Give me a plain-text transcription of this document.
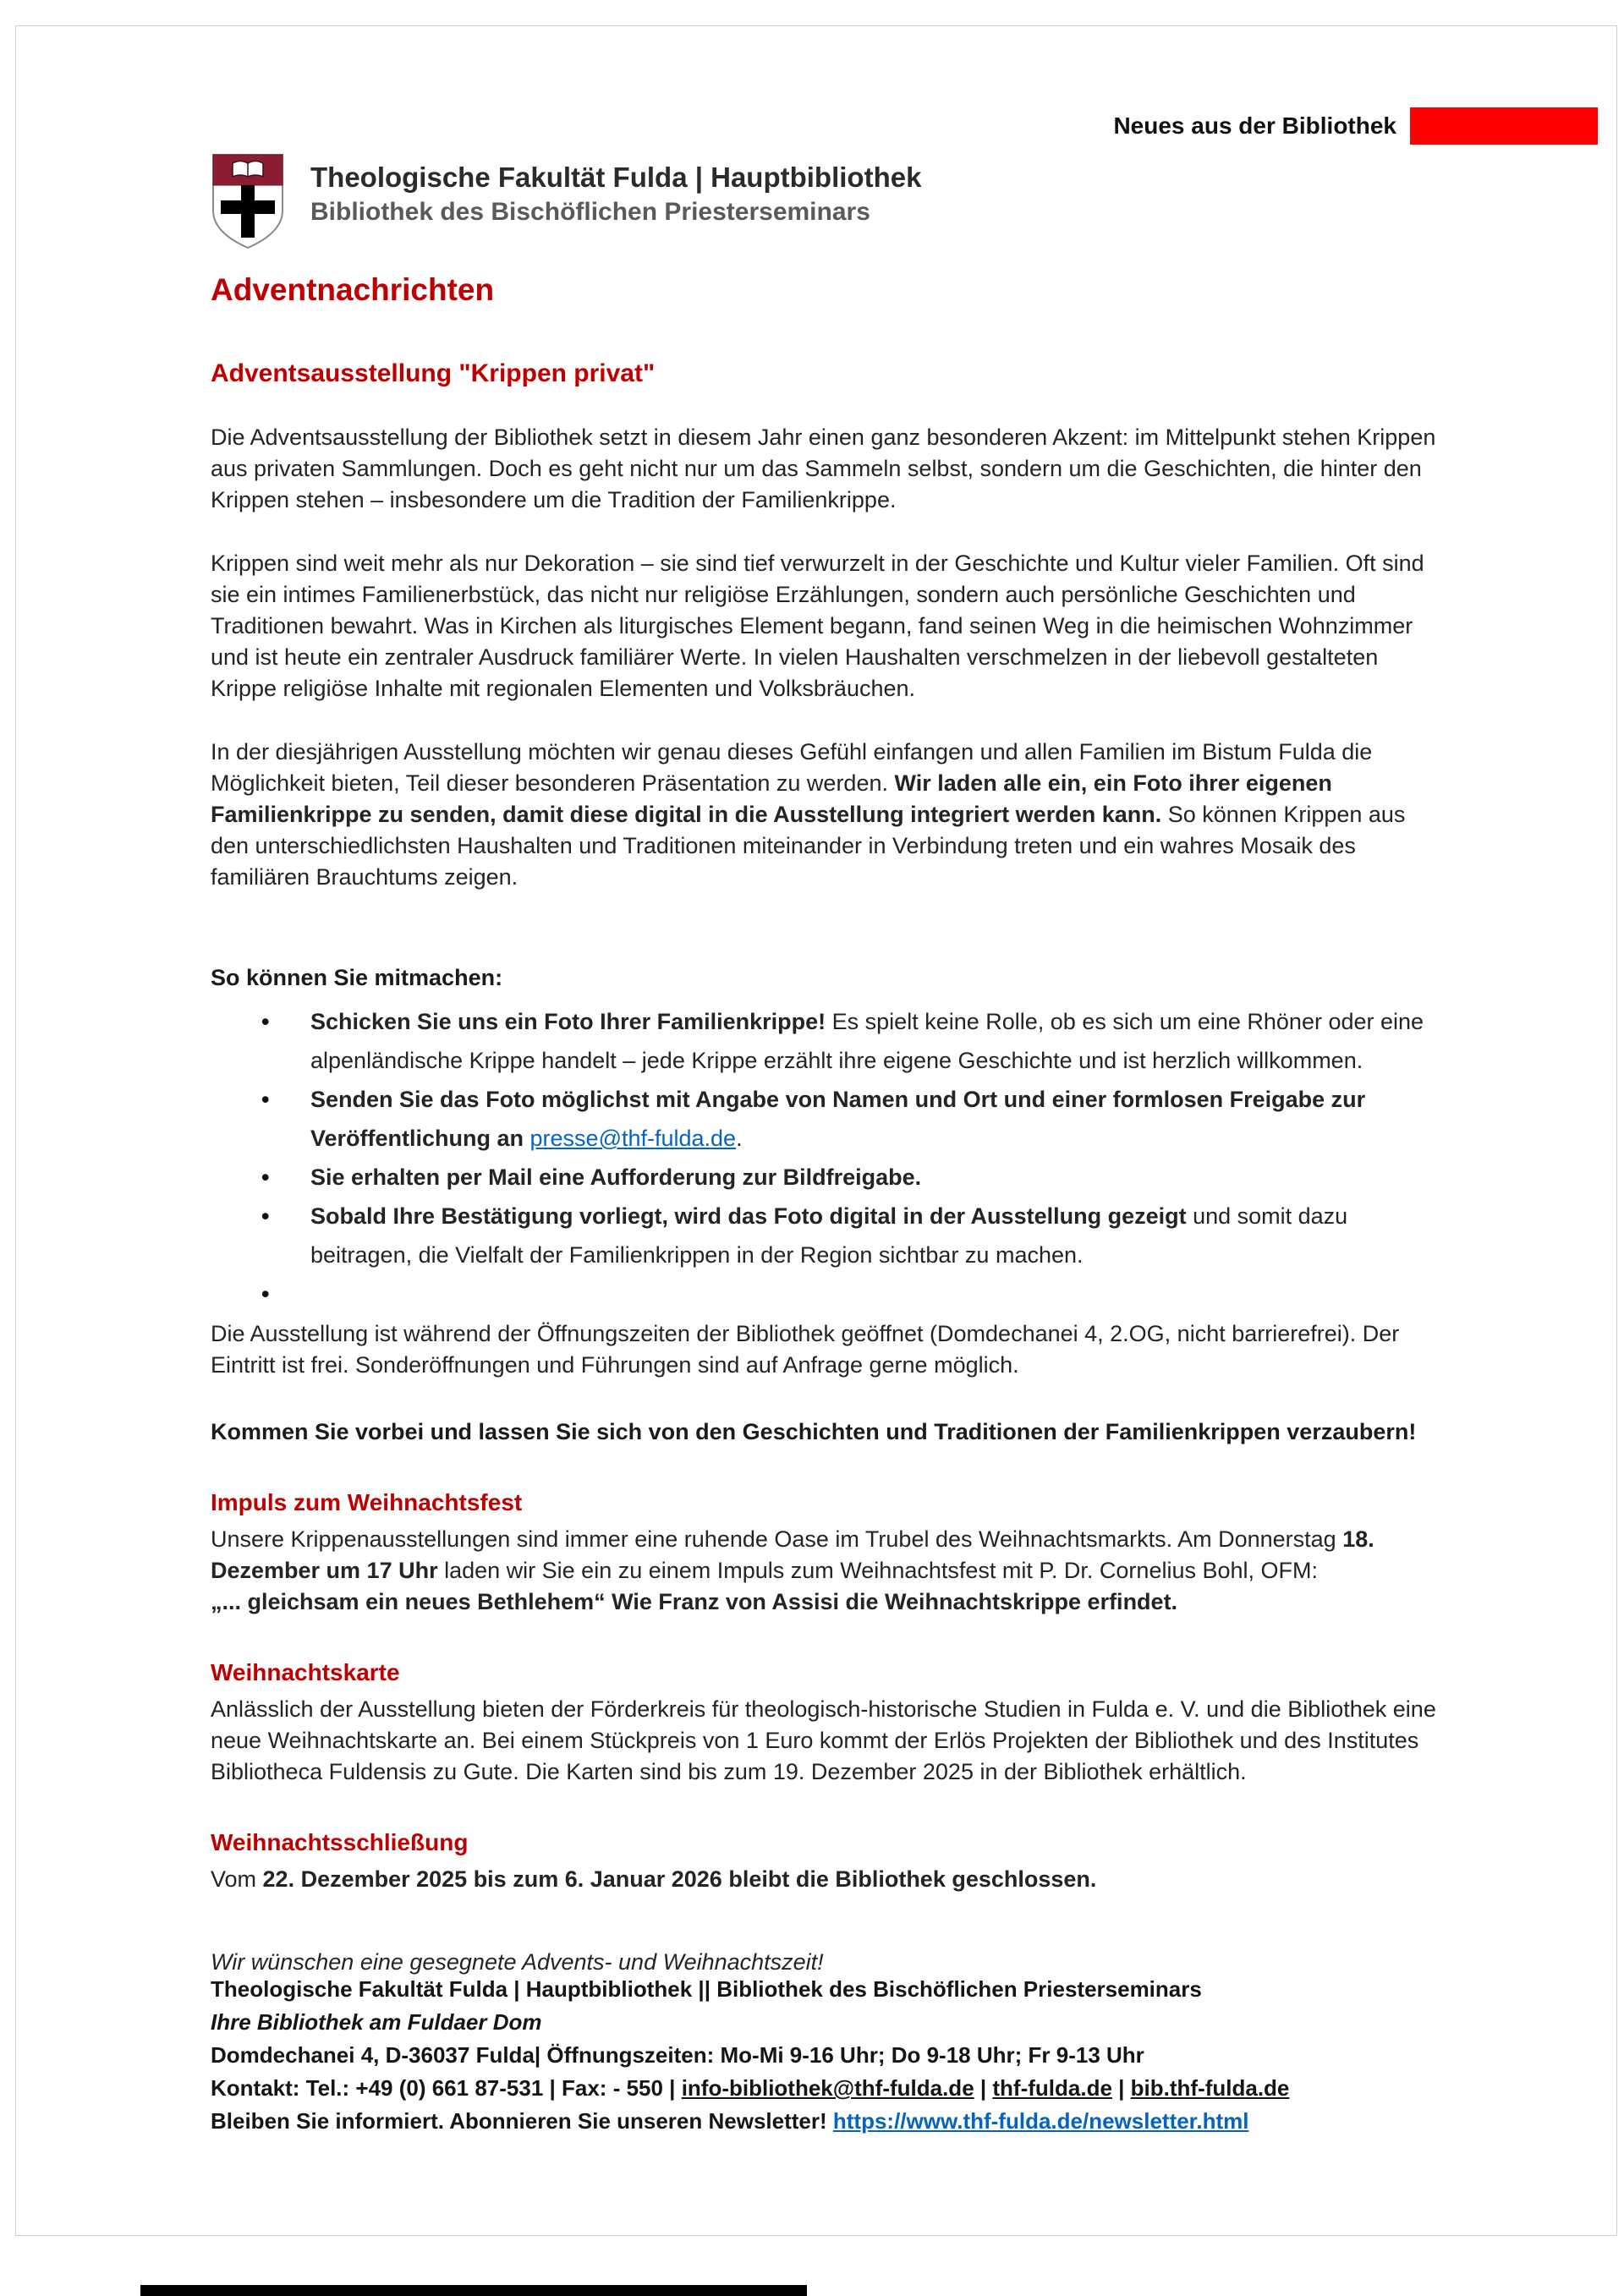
Neues aus der Bibliothek
Theologische Fakultät Fulda | Hauptbibliothek
Bibliothek des Bischöflichen Priesterseminars
Adventnachrichten
Adventsausstellung "Krippen privat"
Die Adventsausstellung der Bibliothek setzt in diesem Jahr einen ganz besonderen Akzent: im Mittelpunkt stehen Krippen aus privaten Sammlungen. Doch es geht nicht nur um das Sammeln selbst, sondern um die Geschichten, die hinter den Krippen stehen – insbesondere um die Tradition der Familienkrippe.
Krippen sind weit mehr als nur Dekoration – sie sind tief verwurzelt in der Geschichte und Kultur vieler Familien. Oft sind sie ein intimes Familienerbstück, das nicht nur religiöse Erzählungen, sondern auch persönliche Geschichten und Traditionen bewahrt. Was in Kirchen als liturgisches Element begann, fand seinen Weg in die heimischen Wohnzimmer und ist heute ein zentraler Ausdruck familiärer Werte. In vielen Haushalten verschmelzen in der liebevoll gestalteten Krippe religiöse Inhalte mit regionalen Elementen und Volksbräuchen.
In der diesjährigen Ausstellung möchten wir genau dieses Gefühl einfangen und allen Familien im Bistum Fulda die Möglichkeit bieten, Teil dieser besonderen Präsentation zu werden. Wir laden alle ein, ein Foto ihrer eigenen Familienkrippe zu senden, damit diese digital in die Ausstellung integriert werden kann. So können Krippen aus den unterschiedlichsten Haushalten und Traditionen miteinander in Verbindung treten und ein wahres Mosaik des familiären Brauchtums zeigen.
So können Sie mitmachen:
•	Schicken Sie uns ein Foto Ihrer Familienkrippe! Es spielt keine Rolle, ob es sich um eine Rhöner oder eine alpenländische Krippe handelt – jede Krippe erzählt ihre eigene Geschichte und ist herzlich willkommen.
•	Senden Sie das Foto möglichst mit Angabe von Namen und Ort und einer formlosen Freigabe zur Veröffentlichung an presse@thf-fulda.de.
•	Sie erhalten per Mail eine Aufforderung zur Bildfreigabe.
•	Sobald Ihre Bestätigung vorliegt, wird das Foto digital in der Ausstellung gezeigt und somit dazu beitragen, die Vielfalt der Familienkrippen in der Region sichtbar zu machen.
•
Die Ausstellung ist während der Öffnungszeiten der Bibliothek geöffnet (Domdechanei 4, 2.OG, nicht barrierefrei). Der Eintritt ist frei. Sonderöffnungen und Führungen sind auf Anfrage gerne möglich.
Kommen Sie vorbei und lassen Sie sich von den Geschichten und Traditionen der Familienkrippen verzaubern!
Impuls zum Weihnachtsfest
Unsere Krippenausstellungen sind immer eine ruhende Oase im Trubel des Weihnachtsmarkts. Am Donnerstag 18. Dezember um 17 Uhr laden wir Sie ein zu einem Impuls zum Weihnachtsfest mit P. Dr. Cornelius Bohl, OFM:
„... gleichsam ein neues Bethlehem“ Wie Franz von Assisi die Weihnachtskrippe erfindet.
Weihnachtskarte
Anlässlich der Ausstellung bieten der Förderkreis für theologisch-historische Studien in Fulda e. V. und die Bibliothek eine neue Weihnachtskarte an. Bei einem Stückpreis von 1 Euro kommt der Erlös Projekten der Bibliothek und des Institutes Bibliotheca Fuldensis zu Gute. Die Karten sind bis zum 19. Dezember 2025 in der Bibliothek erhältlich.
Weihnachtsschließung
Vom 22. Dezember 2025 bis zum 6. Januar 2026 bleibt die Bibliothek geschlossen.
Wir wünschen eine gesegnete Advents- und Weihnachtszeit!
Theologische Fakultät Fulda | Hauptbibliothek || Bibliothek des Bischöflichen Priesterseminars
Ihre Bibliothek am Fuldaer Dom
Domdechanei 4, D-36037 Fulda| Öffnungszeiten: Mo-Mi 9-16 Uhr; Do 9-18 Uhr; Fr 9-13 Uhr
Kontakt: Tel.: +49 (0) 661 87-531 | Fax: - 550 | info-bibliothek@thf-fulda.de | thf-fulda.de | bib.thf-fulda.de
Bleiben Sie informiert. Abonnieren Sie unseren Newsletter! https://www.thf-fulda.de/newsletter.html
